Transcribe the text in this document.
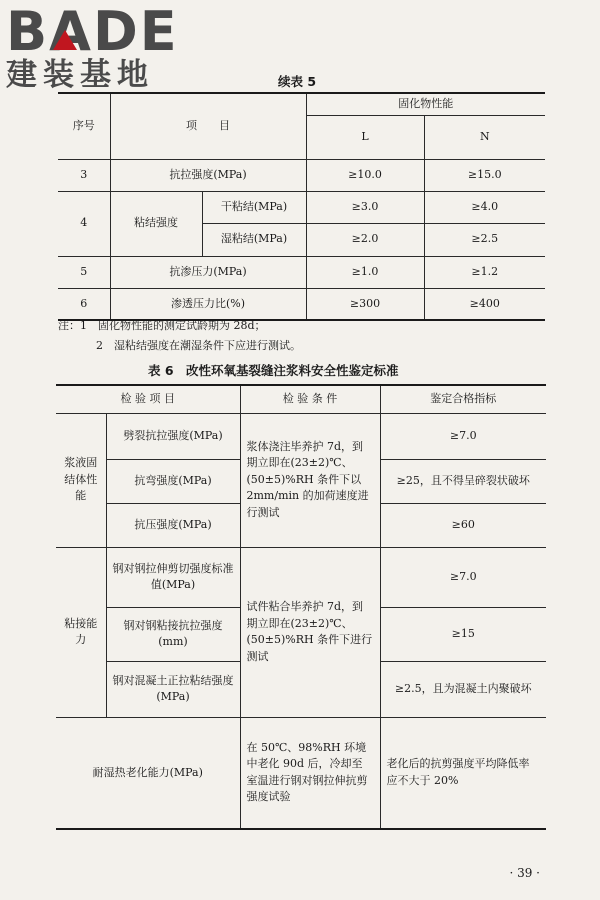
BADE
建装基地	续表 5
序号	项　　目		固化物性能	
			L	N
3	抗拉强度(MPa)		≥10.0	≥15.0
4	粘结强度	干粘结(MPa)	≥3.0	≥4.0
		湿粘结(MPa)	≥2.0	≥2.5
5	抗渗压力(MPa)		≥1.0	≥1.2
6	渗透压力比(%)		≥300	≥400
注：1　固化物性能的测定试龄期为 28d；
2　湿粘结强度在潮湿条件下应进行测试。
表 6　改性环氧基裂缝注浆料安全性鉴定标准
检 验 项 目		检 验 条 件	鉴定合格指标
浆液固结体性能	劈裂抗拉强度(MPa)	浆体浇注毕养护 7d，到期立即在(23±2)℃、(50±5)%RH 条件下以 2mm/min 的加荷速度进行测试	≥7.0
	抗弯强度(MPa)		≥25，且不得呈碎裂状破坏
	抗压强度(MPa)		≥60
粘接能力	钢对钢拉伸剪切强度标准值(MPa)	试件粘合毕养护 7d，到期立即在(23±2)℃、(50±5)%RH 条件下进行测试	≥7.0
	钢对钢粘接抗拉强度(mm)		≥15
	钢对混凝土正拉粘结强度(MPa)		≥2.5，且为混凝土内聚破坏
耐湿热老化能力(MPa)		在 50℃、98%RH 环境中老化 90d 后，冷却至室温进行钢对钢拉伸抗剪强度试验	老化后的抗剪强度平均降低率应不大于 20%
· 39 ·
